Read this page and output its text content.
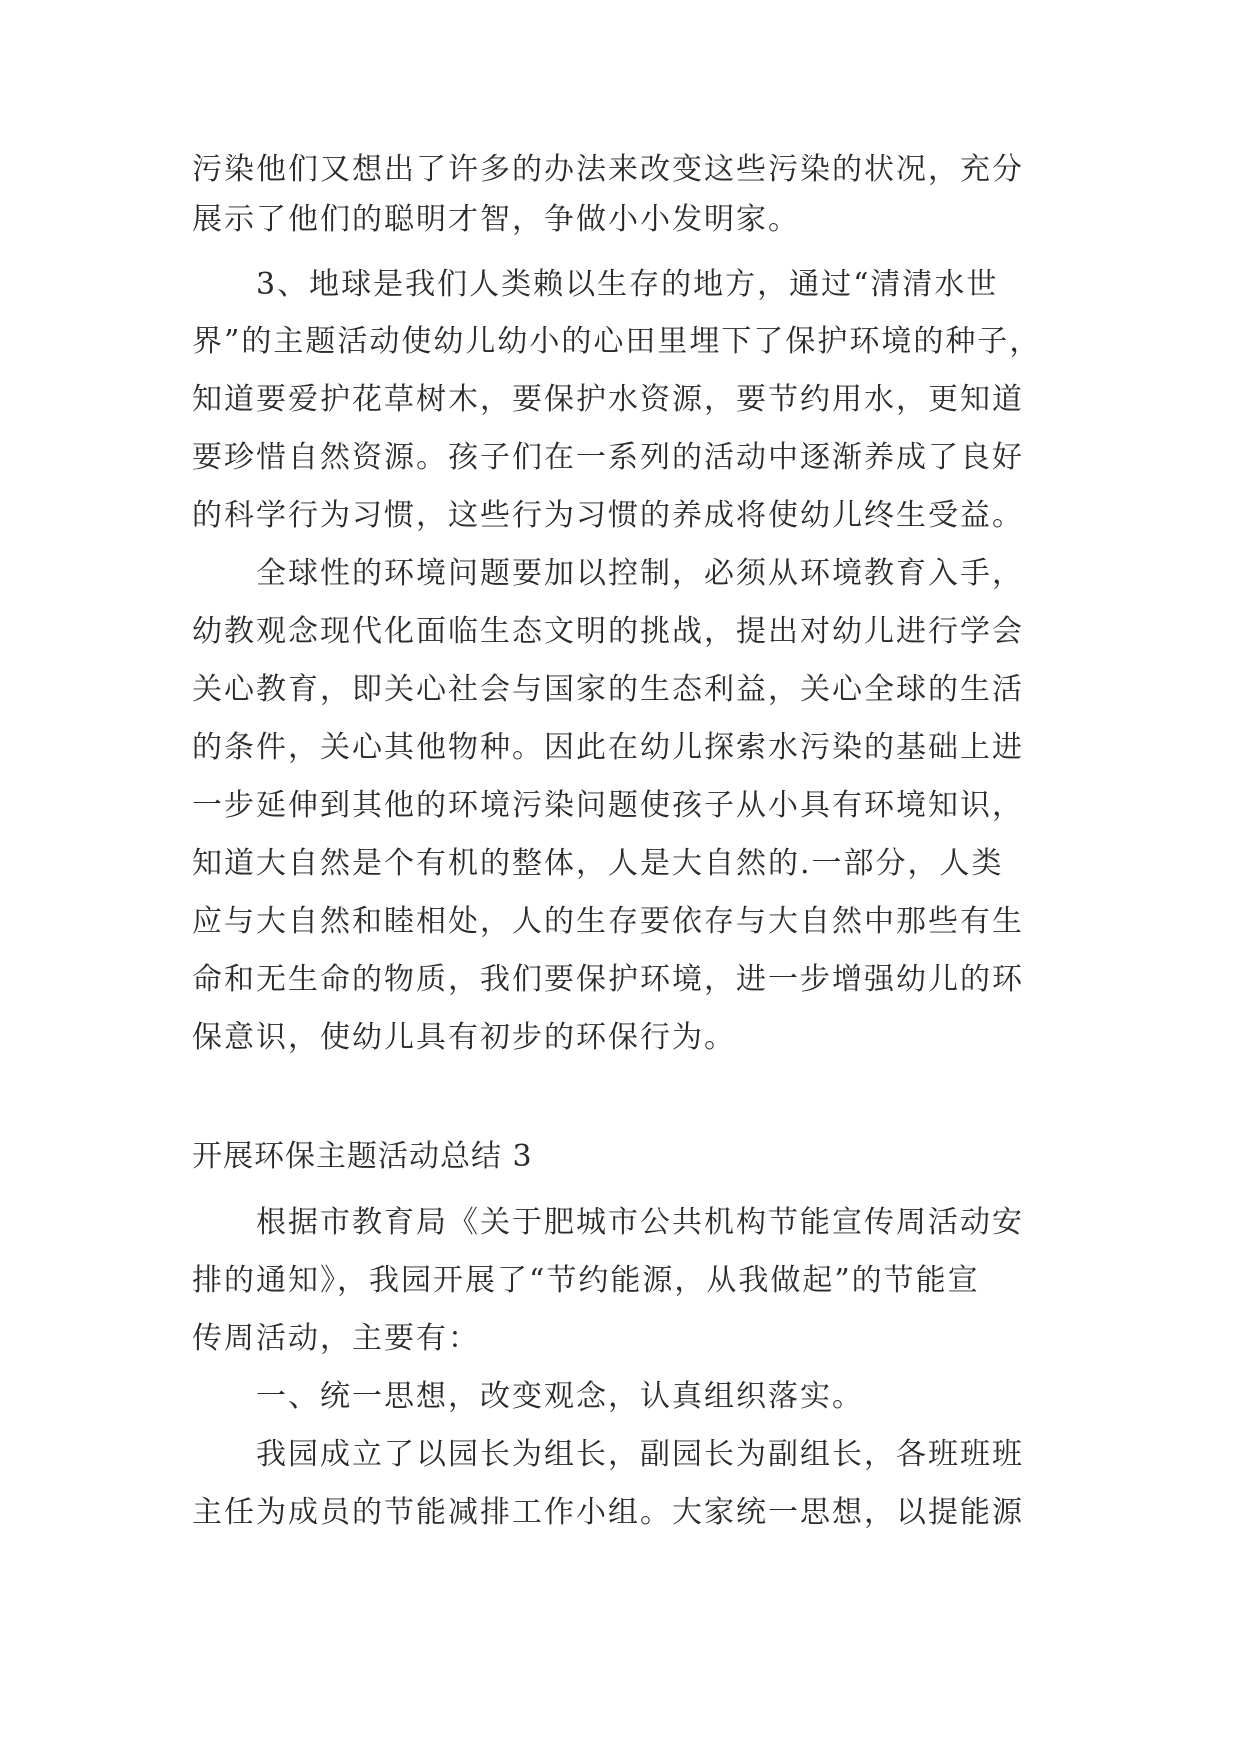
污染他们又想出了许多的办法来改变这些污染的状况，充分
展示了他们的聪明才智，争做小小发明家。
3、地球是我们人类赖以生存的地方，通过“清清水世
界”的主题活动使幼儿幼小的心田里埋下了保护环境的种子，
知道要爱护花草树木，要保护水资源，要节约用水，更知道
要珍惜自然资源。孩子们在一系列的活动中逐渐养成了良好
的科学行为习惯，这些行为习惯的养成将使幼儿终生受益。
全球性的环境问题要加以控制，必须从环境教育入手，
幼教观念现代化面临生态文明的挑战，提出对幼儿进行学会
关心教育，即关心社会与国家的生态利益，关心全球的生活
的条件，关心其他物种。因此在幼儿探索水污染的基础上进
一步延伸到其他的环境污染问题使孩子从小具有环境知识，
知道大自然是个有机的整体，人是大自然的.一部分，人类
应与大自然和睦相处，人的生存要依存与大自然中那些有生
命和无生命的物质，我们要保护环境，进一步增强幼儿的环
保意识，使幼儿具有初步的环保行为。
开展环保主题活动总结 3
根据市教育局《关于肥城市公共机构节能宣传周活动安
排的通知》，我园开展了“节约能源，从我做起”的节能宣
传周活动，主要有：
一、统一思想，改变观念，认真组织落实。
我园成立了以园长为组长，副园长为副组长，各班班班
主任为成员的节能减排工作小组。大家统一思想，以提能源
